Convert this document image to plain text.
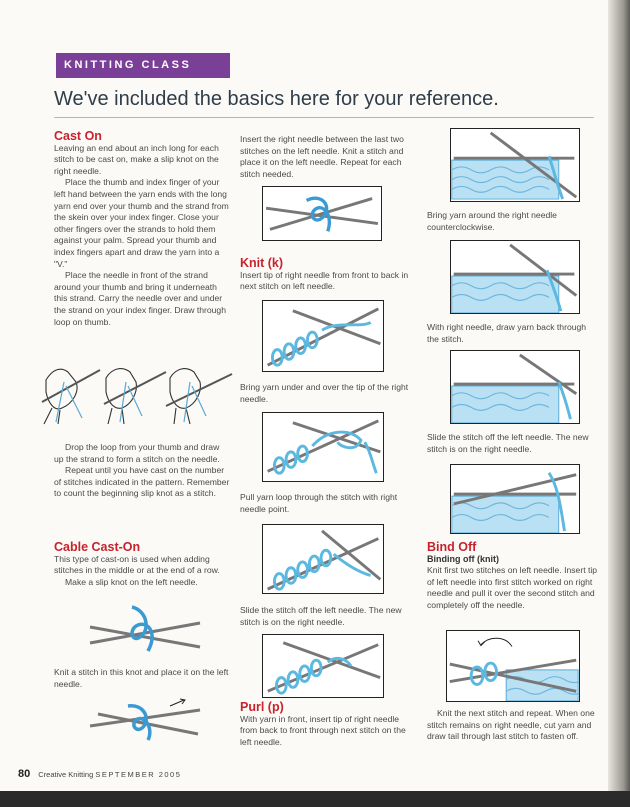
KNITTING CLASS
We've included the basics here for your reference.
Cast On

Leaving an end about an inch long for each stitch to be cast on, make a slip knot on the right needle.

Place the thumb and index finger of your left hand between the yarn ends with the long yarn end over your thumb and the strand from the skein over your index finger. Close your other fingers over the strands to hold them against your palm. Spread your thumb and index fingers apart and draw the yarn into a "V."

Place the needle in front of the strand around your thumb and bring it underneath this strand. Carry the needle over and under the strand on your index finger. Draw through loop on thumb.

Drop the loop from your thumb and draw up the strand to form a stitch on the needle.

Repeat until you have cast on the number of stitches indicated in the pattern. Remember to count the beginning slip knot as a stitch.

Cable Cast-On

This type of cast-on is used when adding stitches in the middle or at the end of a row.

Make a slip knot on the left needle.

Knit a stitch in this knot and place it on the left needle.

Insert the right needle between the last two stitches on the left needle. Knit a stitch and place it on the left needle. Repeat for each stitch needed.

Knit (k)

Insert tip of right needle from front to back in next stitch on left needle.

Bring yarn under and over the tip of the right needle.

Pull yarn loop through the stitch with right needle point.

Slide the stitch off the left needle. The new stitch is on the right needle.

Purl (p)

With yarn in front, insert tip of right needle from back to front through next stitch on the left needle.

Bring yarn around the right needle counterclockwise.

With right needle, draw yarn back through the stitch.

Slide the stitch off the left needle. The new stitch is on the right needle.

Bind Off
Binding off (knit)

Knit first two stitches on left needle. Insert tip of left needle into first stitch worked on right needle and pull it over the second stitch and completely off the needle.

Knit the next stitch and repeat. When one stitch remains on right needle, cut yarn and draw tail through last stitch to fasten off.

80 Creative Knitting SEPTEMBER 2005
